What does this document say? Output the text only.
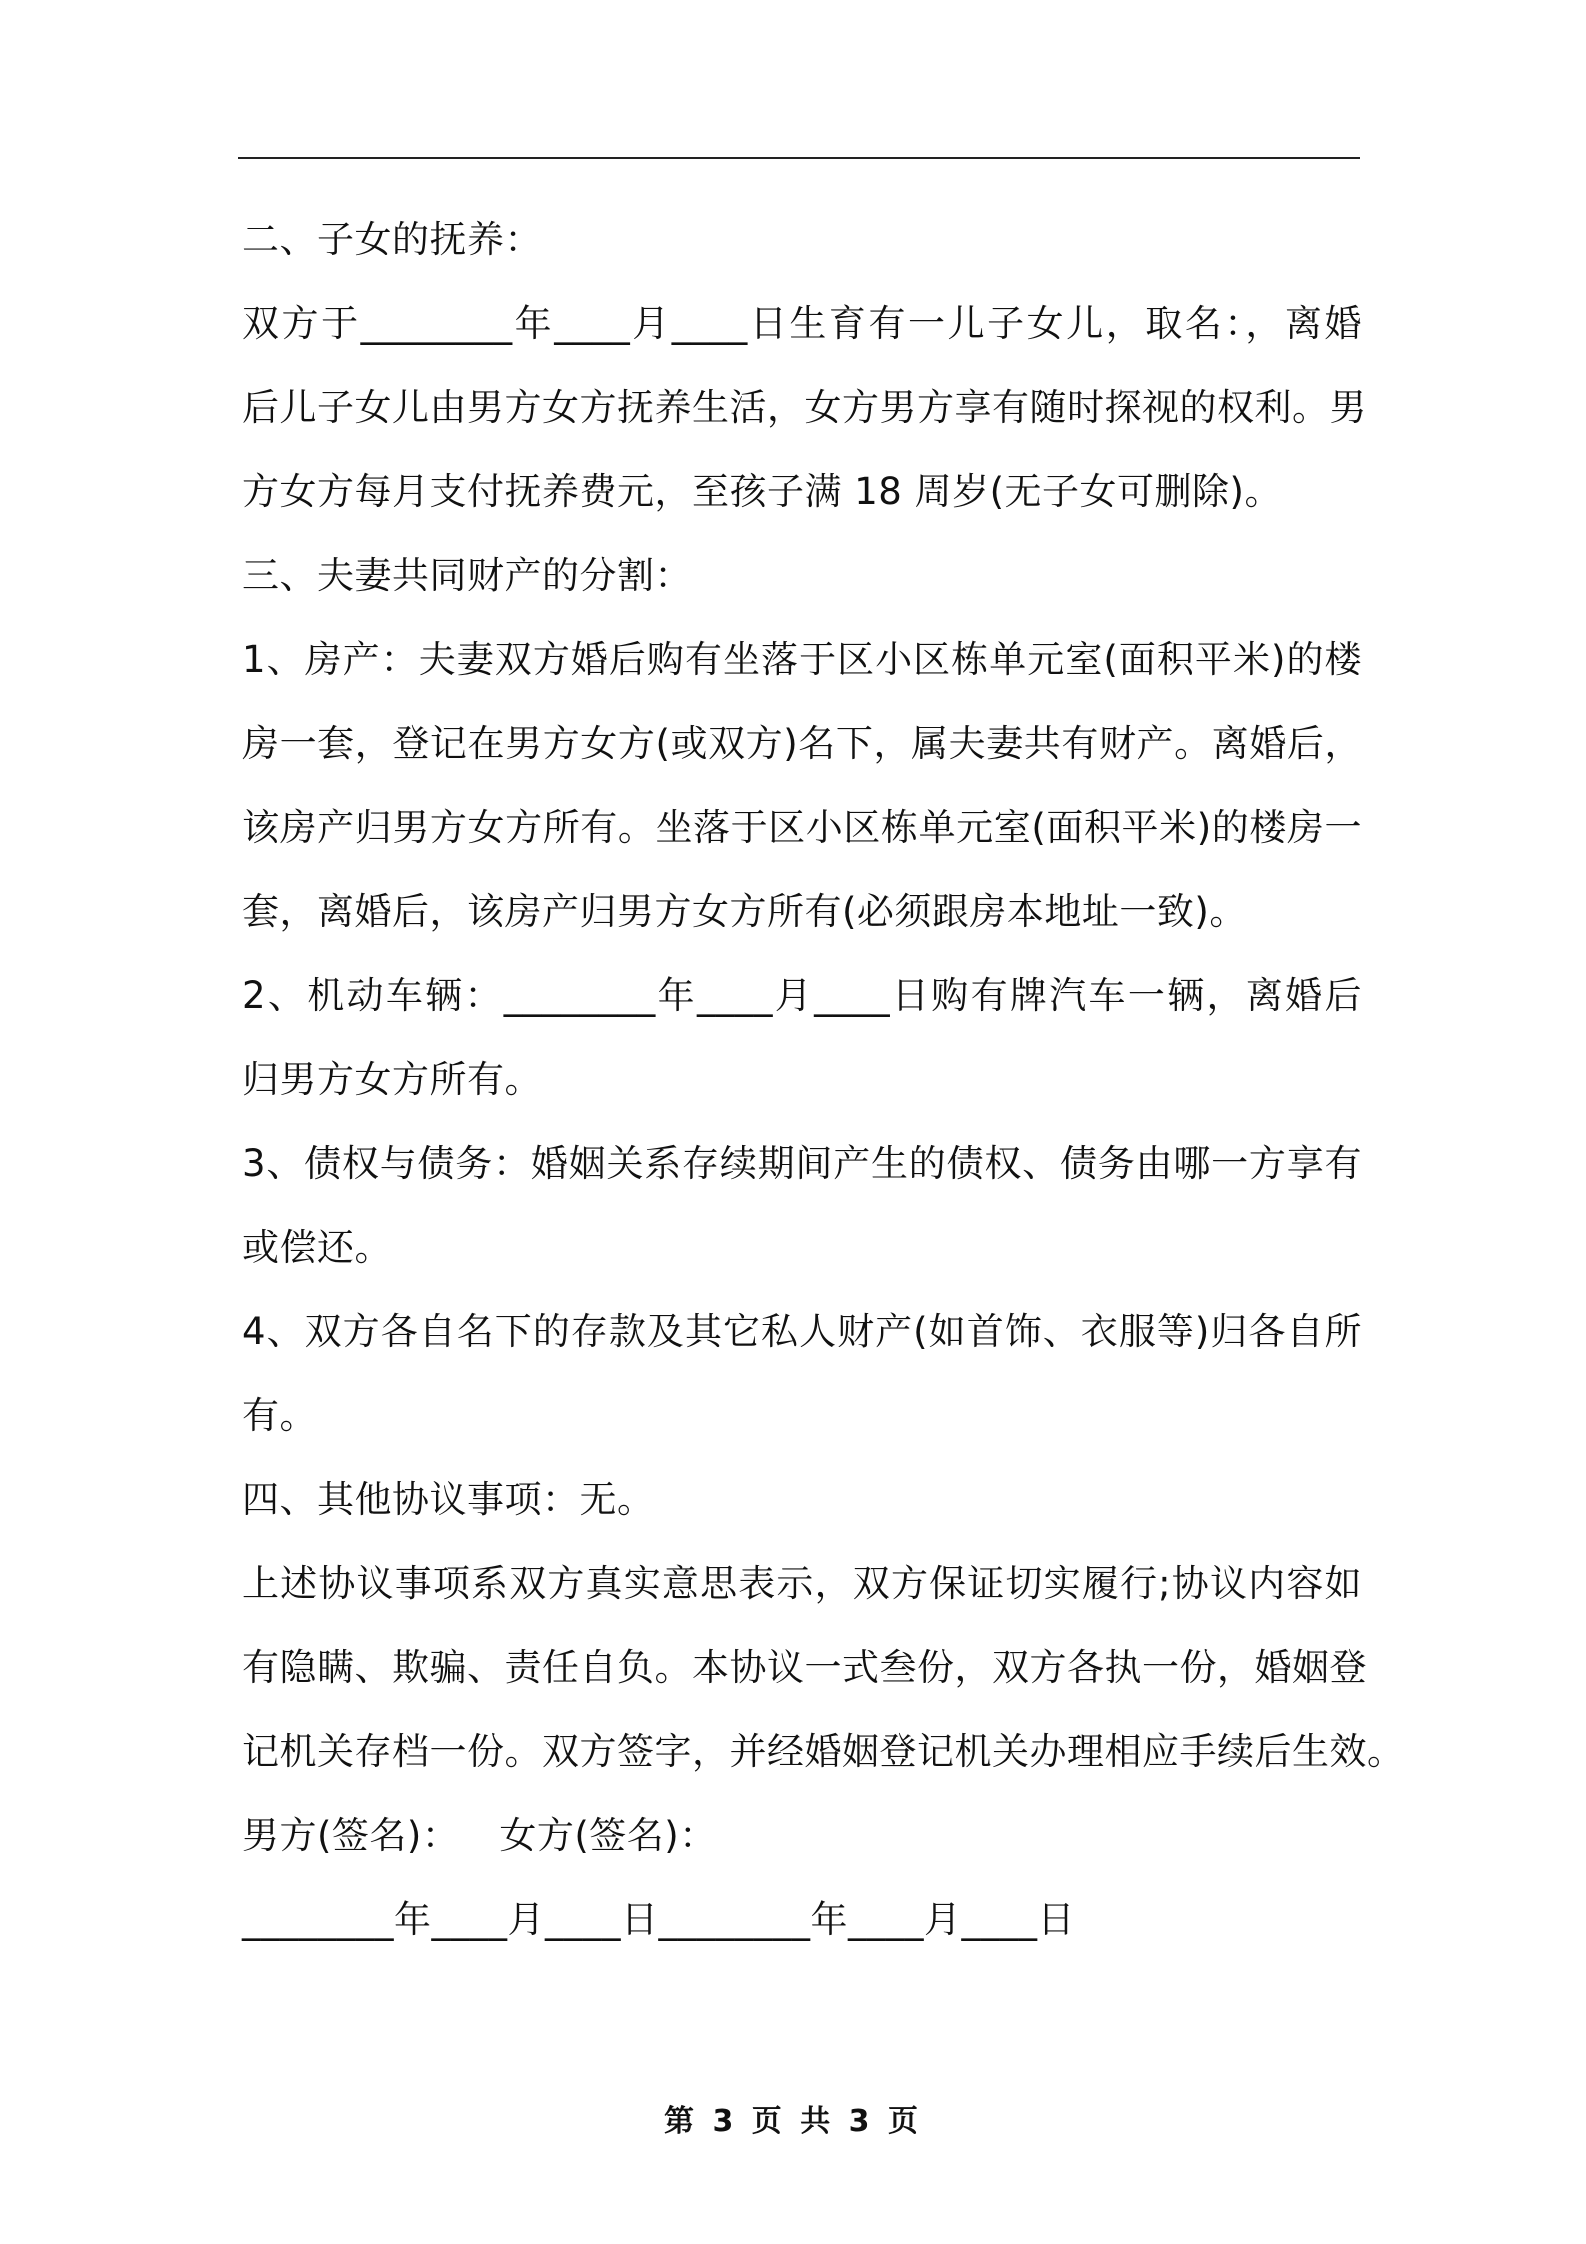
二、子女的抚养：
双方于________年____月____日生育有一儿子女儿，取名：，离婚
后儿子女儿由男方女方抚养生活，女方男方享有随时探视的权利。男
方女方每月支付抚养费元，至孩子满 18 周岁(无子女可删除)。
三、夫妻共同财产的分割：
1、房产：夫妻双方婚后购有坐落于区小区栋单元室(面积平米)的楼
房一套，登记在男方女方(或双方)名下，属夫妻共有财产。离婚后，
该房产归男方女方所有。坐落于区小区栋单元室(面积平米)的楼房一
套，离婚后，该房产归男方女方所有(必须跟房本地址一致)。
2、机动车辆：________年____月____日购有牌汽车一辆，离婚后
归男方女方所有。
3、债权与债务：婚姻关系存续期间产生的债权、债务由哪一方享有
或偿还。
4、双方各自名下的存款及其它私人财产(如首饰、衣服等)归各自所
有。
四、其他协议事项：无。
上述协议事项系双方真实意思表示，双方保证切实履行;协议内容如
有隐瞒、欺骗、责任自负。本协议一式叁份，双方各执一份，婚姻登
记机关存档一份。双方签字，并经婚姻登记机关办理相应手续后生效。
男方(签名)： 女方(签名)：
________年____月____日________年____月____日
第 3 页 共 3 页
